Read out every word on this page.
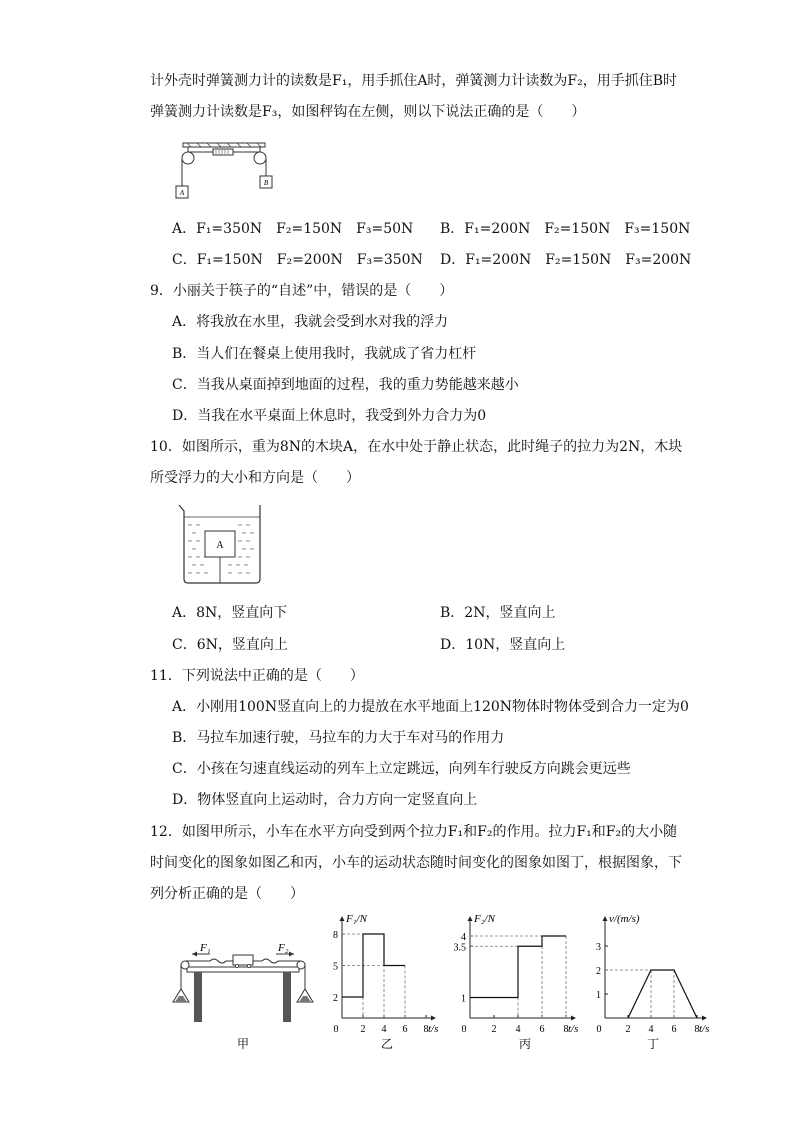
计外壳时弹簧测力计的读数是F₁，用手抓住A时，弹簧测力计读数为F₂，用手抓住B时
弹簧测力计读数是F₃，如图秤钩在左侧，则以下说法正确的是（　　）
A
B
A．F₁=350N　F₂=150N　F₃=50N B．F₁=200N　F₂=150N　F₃=150N
C．F₁=150N　F₂=200N　F₃=350N D．F₁=200N　F₂=150N　F₃=200N
9．小丽关于筷子的“自述”中，错误的是（　　）
A．将我放在水里，我就会受到水对我的浮力
B．当人们在餐桌上使用我时，我就成了省力杠杆
C．当我从桌面掉到地面的过程，我的重力势能越来越小
D．当我在水平桌面上休息时，我受到外力合力为0
10．如图所示，重为8N的木块A，在水中处于静止状态，此时绳子的拉力为2N，木块
所受浮力的大小和方向是（　　）
A
A．8N，竖直向下	B．2N，竖直向上
C．6N，竖直向上	D．10N，竖直向上
11．下列说法中正确的是（　　）
A．小刚用100N竖直向上的力提放在水平地面上120N物体时物体受到合力一定为0
B．马拉车加速行驶，马拉车的力大于车对马的作用力
C．小孩在匀速直线运动的列车上立定跳远，向列车行驶反方向跳会更远些
D．物体竖直向上运动时，合力方向一定竖直向上
12．如图甲所示，小车在水平方向受到两个拉力F₁和F₂的作用。拉力F₁和F₂的大小随
时间变化的图象如图乙和丙，小车的运动状态随时间变化的图象如图丁，根据图象，下
列分析正确的是（　　）
F₁	F₂
甲
F₁/N
t/s
0 2 4 6 8
2
5
8
乙
F₂/N
t/s
0	2 4 6 8
1
3.5
4
丙
v/(m/s)
t/s
0 2 4 6 8
1
2
3
丁
